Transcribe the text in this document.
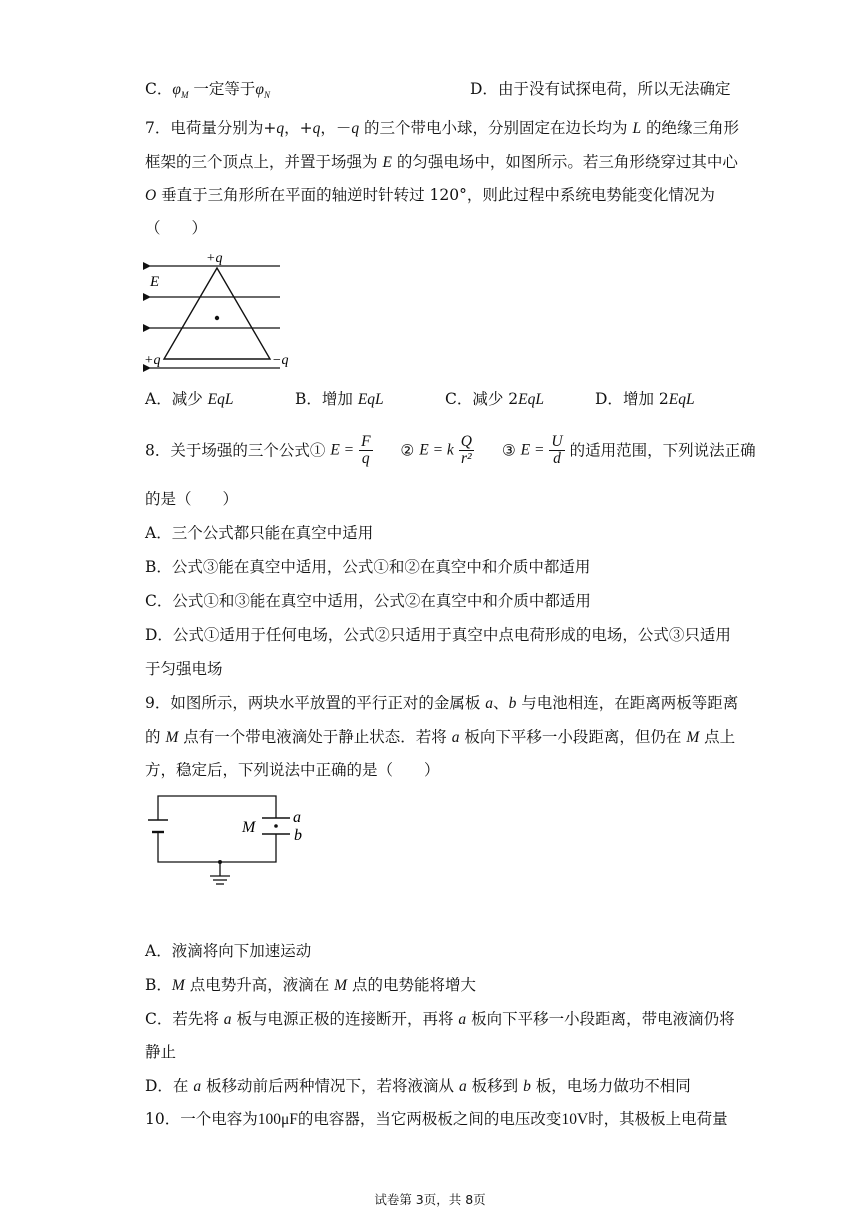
C．$\varphi_M$ 一定等于$\varphi_N$	D．由于没有试探电荷，所以无法确定
7．电荷量分别为+q，+q，－q 的三个带电小球，分别固定在边长均为 L 的绝缘三角形
框架的三个顶点上，并置于场强为 E 的匀强电场中，如图所示。若三角形绕穿过其中心
O 垂直于三角形所在平面的轴逆时针转过 120°，则此过程中系统电势能变化情况为
（　　）
+q
E
+q	−q
A．减少 EqL	B．增加 EqL	C．减少 2EqL	D．增加 2EqL
8．关于场强的三个公式① $E = \frac{F}{q}$ ② E = k $\frac{Q}{\text{r²}}$ ③ $E = \frac{U}{d}$ 的适用范围，下列说法正确
的是（　　）
A．三个公式都只能在真空中适用
B．公式③能在真空中适用，公式①和②在真空中和介质中都适用
C．公式①和③能在真空中适用，公式②在真空中和介质中都适用
D．公式①适用于任何电场，公式②只适用于真空中点电荷形成的电场，公式③只适用
于匀强电场
9．如图所示，两块水平放置的平行正对的金属板 a、b 与电池相连，在距离两板等距离
的 M 点有一个带电液滴处于静止状态．若将 a 板向下平移一小段距离，但仍在 M 点上
方，稳定后，下列说法中正确的是（　　）
M
a
b
A．液滴将向下加速运动
B．M 点电势升高，液滴在 M 点的电势能将增大
C．若先将 a 板与电源正极的连接断开，再将 a 板向下平移一小段距离，带电液滴仍将
静止
D．在 a 板移动前后两种情况下，若将液滴从 a 板移到 b 板，电场力做功不相同
10．一个电容为100μF的电容器，当它两极板之间的电压改变10V时，其极板上电荷量
试卷第 3页，共 8页
